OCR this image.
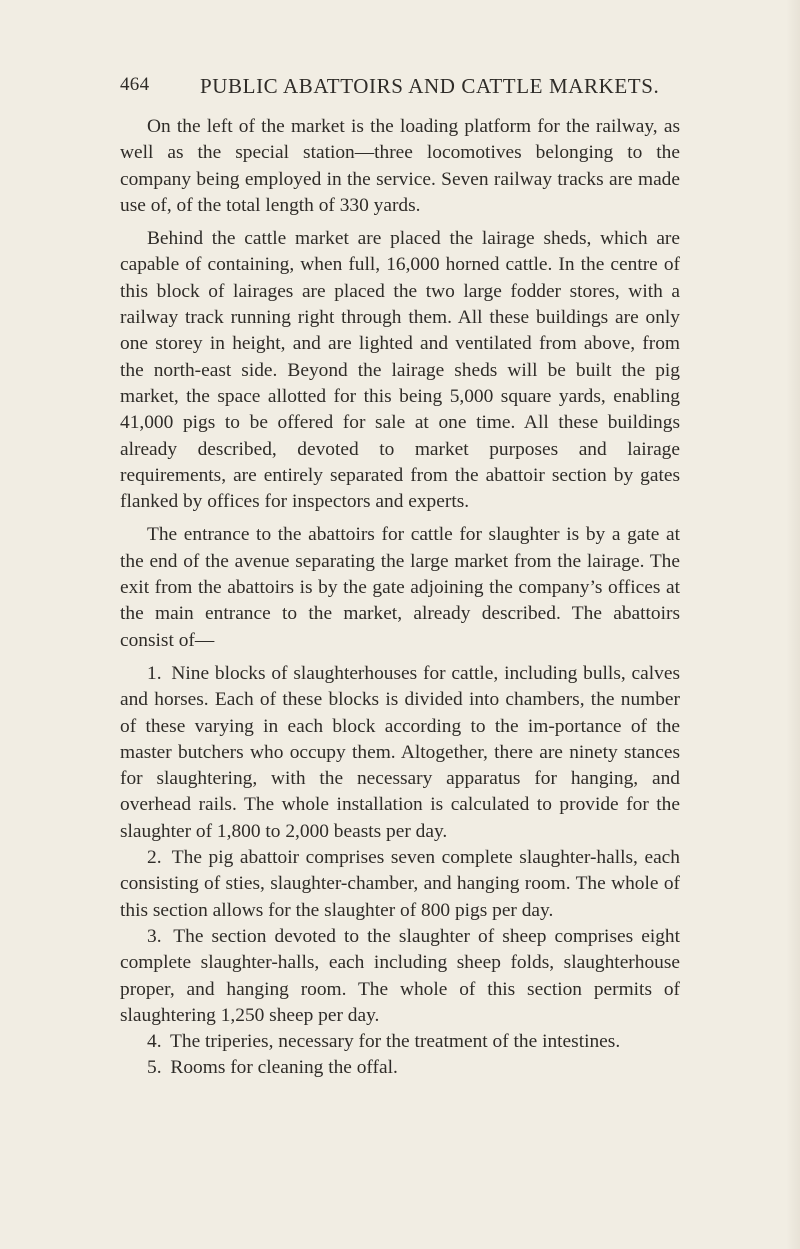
464 PUBLIC ABATTOIRS AND CATTLE MARKETS.

On the left of the market is the loading platform for the railway, as well as the special station—three locomotives belonging to the company being employed in the service. Seven railway tracks are made use of, of the total length of 330 yards.

Behind the cattle market are placed the lairage sheds, which are capable of containing, when full, 16,000 horned cattle. In the centre of this block of lairages are placed the two large fodder stores, with a railway track running right through them. All these buildings are only one storey in height, and are lighted and ventilated from above, from the north-east side. Beyond the lairage sheds will be built the pig market, the space allotted for this being 5,000 square yards, enabling 41,000 pigs to be offered for sale at one time. All these buildings already described, devoted to market purposes and lairage requirements, are entirely separated from the abattoir section by gates flanked by offices for inspectors and experts.

The entrance to the abattoirs for cattle for slaughter is by a gate at the end of the avenue separating the large market from the lairage. The exit from the abattoirs is by the gate adjoining the company’s offices at the main entrance to the market, already described. The abattoirs consist of—

1. Nine blocks of slaughterhouses for cattle, including bulls, calves and horses. Each of these blocks is divided into chambers, the number of these varying in each block according to the im-portance of the master butchers who occupy them. Altogether, there are ninety stances for slaughtering, with the necessary apparatus for hanging, and overhead rails. The whole installation is calculated to provide for the slaughter of 1,800 to 2,000 beasts per day.

2. The pig abattoir comprises seven complete slaughter-halls, each consisting of sties, slaughter-chamber, and hanging room. The whole of this section allows for the slaughter of 800 pigs per day.

3. The section devoted to the slaughter of sheep comprises eight complete slaughter-halls, each including sheep folds, slaughterhouse proper, and hanging room. The whole of this section permits of slaughtering 1,250 sheep per day.

4. The triperies, necessary for the treatment of the intestines.

5. Rooms for cleaning the offal.
